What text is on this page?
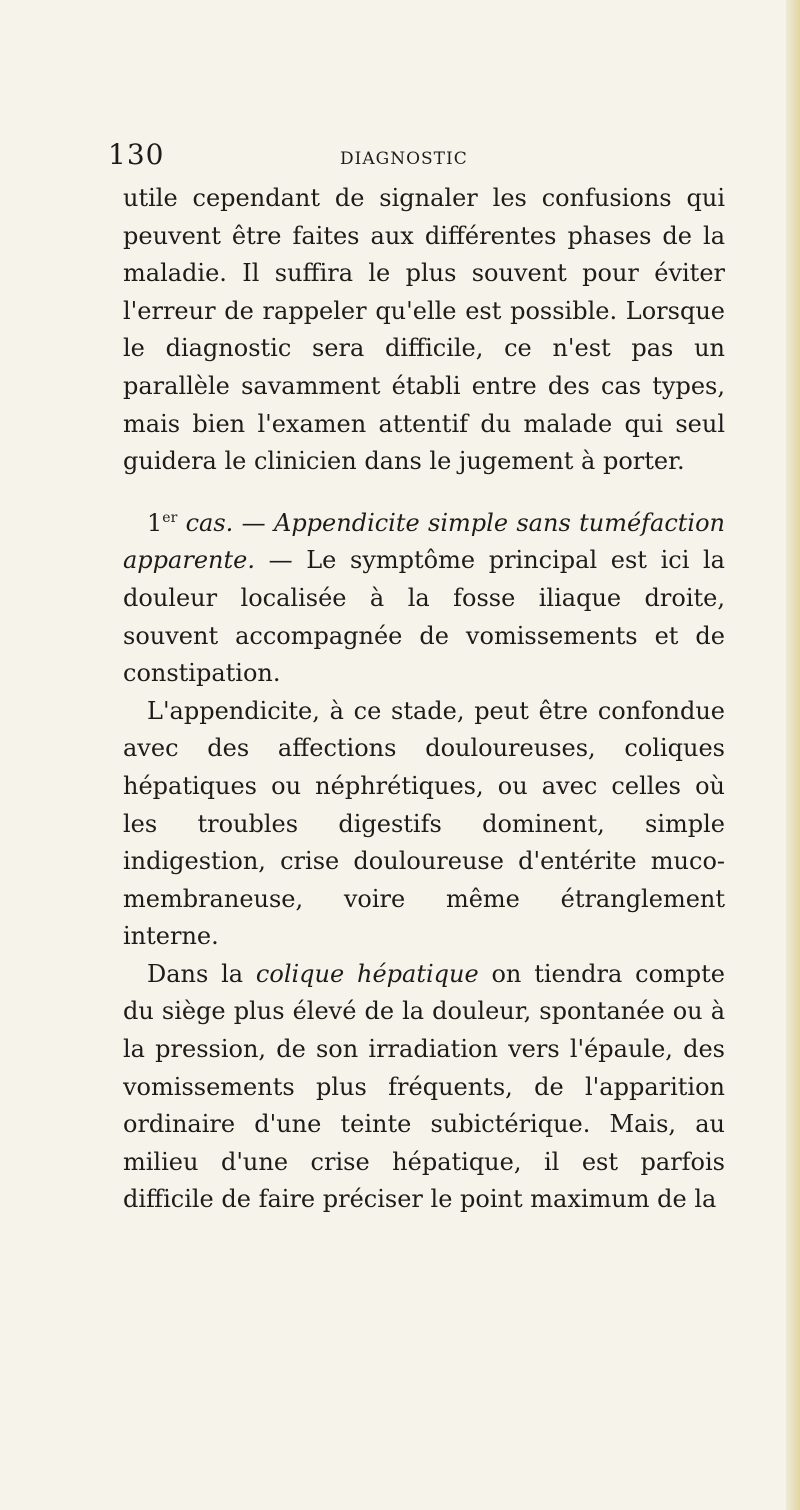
130	DIAGNOSTIC

utile cependant de signaler les confusions qui peuvent être faites aux différentes phases de la maladie. Il suffira le plus souvent pour éviter l'erreur de rappeler qu'elle est possible. Lorsque le diagnostic sera difficile, ce n'est pas un parallèle savamment établi entre des cas types, mais bien l'examen attentif du malade qui seul guidera le clinicien dans le jugement à porter.

1er cas. — Appendicite simple sans tuméfaction apparente. — Le symptôme principal est ici la douleur localisée à la fosse iliaque droite, souvent accompagnée de vomissements et de constipation.

L'appendicite, à ce stade, peut être confondue avec des affections douloureuses, coliques hépatiques ou néphrétiques, ou avec celles où les troubles digestifs dominent, simple indigestion, crise douloureuse d'entérite muco-membraneuse, voire même étranglement interne.

Dans la colique hépatique on tiendra compte du siège plus élevé de la douleur, spontanée ou à la pression, de son irradiation vers l'épaule, des vomissements plus fréquents, de l'apparition ordinaire d'une teinte subictérique. Mais, au milieu d'une crise hépatique, il est parfois difficile de faire préciser le point maximum de la
